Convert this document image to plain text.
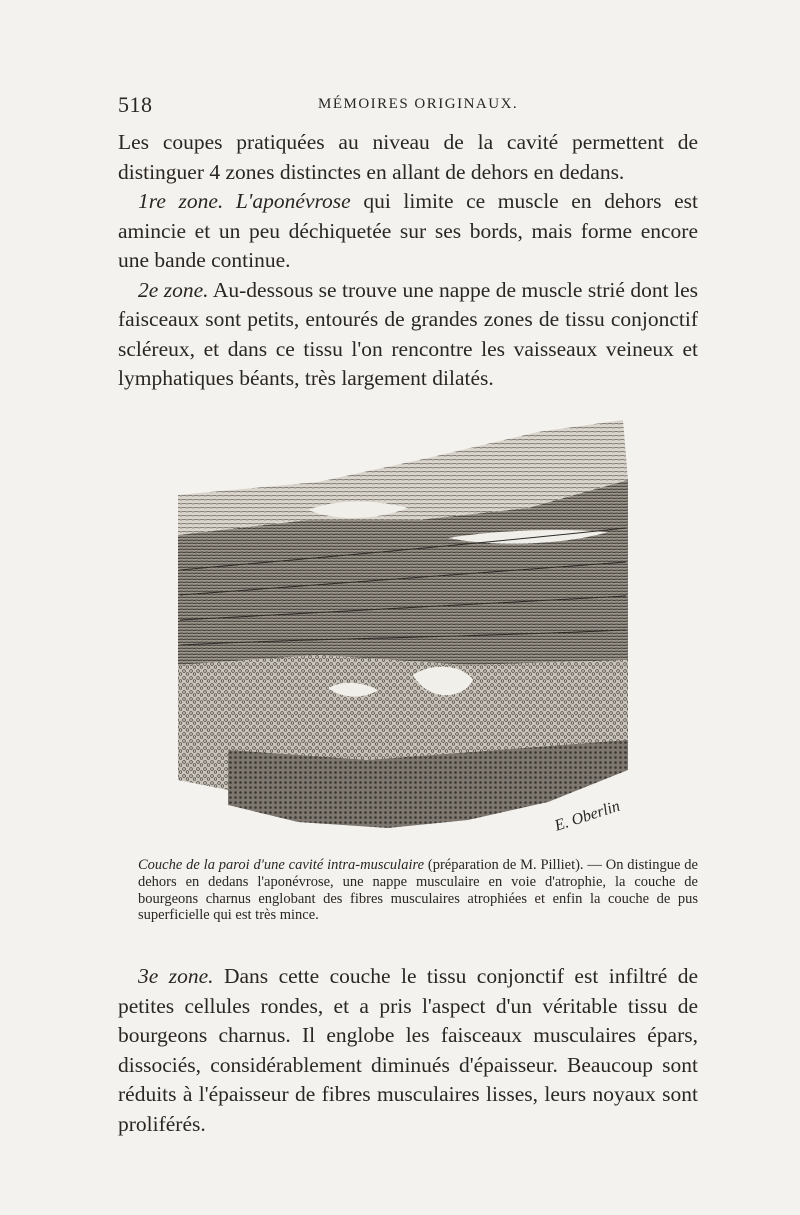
518	MÉMOIRES ORIGINAUX.

Les coupes pratiquées au niveau de la cavité permettent de distinguer 4 zones distinctes en allant de dehors en dedans.

1re zone. L'aponévrose qui limite ce muscle en dehors est amincie et un peu déchiquetée sur ses bords, mais forme encore une bande continue.

2e zone. Au-dessous se trouve une nappe de muscle strié dont les faisceaux sont petits, entourés de grandes zones de tissu conjonctif scléreux, et dans ce tissu l'on rencontre les vaisseaux veineux et lymphatiques béants, très largement dilatés.

E. Oberlin

Couche de la paroi d'une cavité intra-musculaire (préparation de M. Pilliet). — On distingue de dehors en dedans l'aponévrose, une nappe musculaire en voie d'atrophie, la couche de bourgeons charnus englobant des fibres musculaires atrophiées et enfin la couche de pus superficielle qui est très mince.

3e zone. Dans cette couche le tissu conjonctif est infiltré de petites cellules rondes, et a pris l'aspect d'un véritable tissu de bourgeons charnus. Il englobe les faisceaux musculaires épars, dissociés, considérablement diminués d'épaisseur. Beaucoup sont réduits à l'épaisseur de fibres musculaires lisses, leurs noyaux sont proliférés.
